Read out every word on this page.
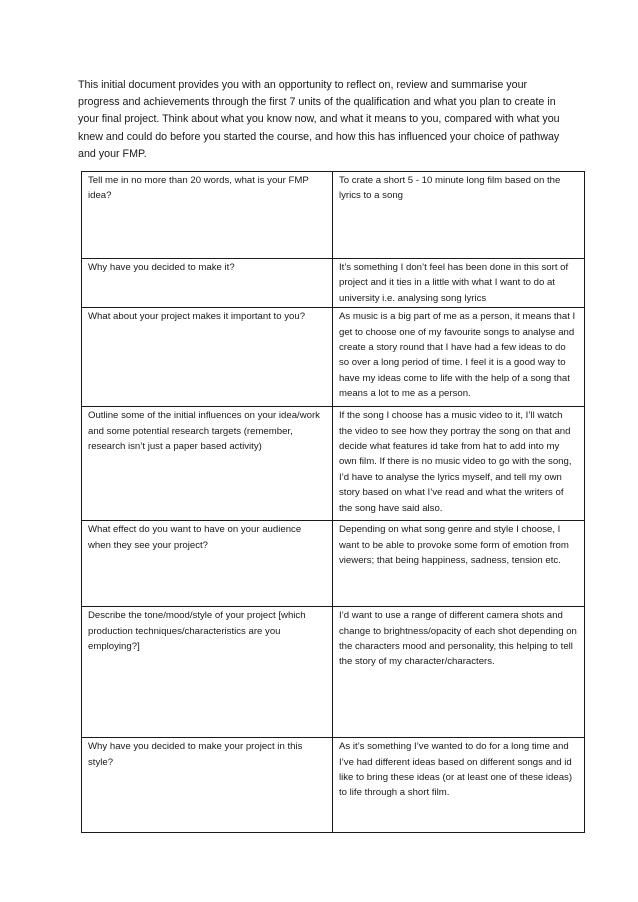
This initial document provides you with an opportunity to reflect on, review and summarise your progress and achievements through the first 7 units of the qualification and what you plan to create in your final project. Think about what you know now, and what it means to you, compared with what you knew and could do before you started the course, and how this has influenced your choice of pathway and your FMP.

Tell me in no more than 20 words, what is your FMP idea?	To crate a short 5 - 10 minute long film based on the lyrics to a song
Why have you decided to make it?	It’s something I don’t feel has been done in this sort of project and it ties in a little with what I want to do at university i.e. analysing song lyrics
What about your project makes it important to you?	As music is a big part of me as a person, it means that I get to choose one of my favourite songs to analyse and create a story round that I have had a few ideas to do so over a long period of time. I feel it is a good way to have my ideas come to life with the help of a song that means a lot to me as a person.
Outline some of the initial influences on your idea/work and some potential research targets (remember, research isn’t just a paper based activity)	If the song I choose has a music video to it, I’ll watch the video to see how they portray the song on that and decide what features id take from hat to add into my own film. If there is no music video to go with the song, I’d have to analyse the lyrics myself, and tell my own story based on what I’ve read and what the writers of the song have said also.
What effect do you want to have on your audience when they see your project?	Depending on what song genre and style I choose, I want to be able to provoke some form of emotion from viewers; that being happiness, sadness, tension etc.
Describe the tone/mood/style of your project [which production techniques/characteristics are you employing?]	I’d want to use a range of different camera shots and change to brightness/opacity of each shot depending on the characters mood and personality, this helping to tell the story of my character/characters.
Why have you decided to make your project in this style?	As it’s something I’ve wanted to do for a long time and I’ve had different ideas based on different songs and id like to bring these ideas (or at least one of these ideas) to life through a short film.
